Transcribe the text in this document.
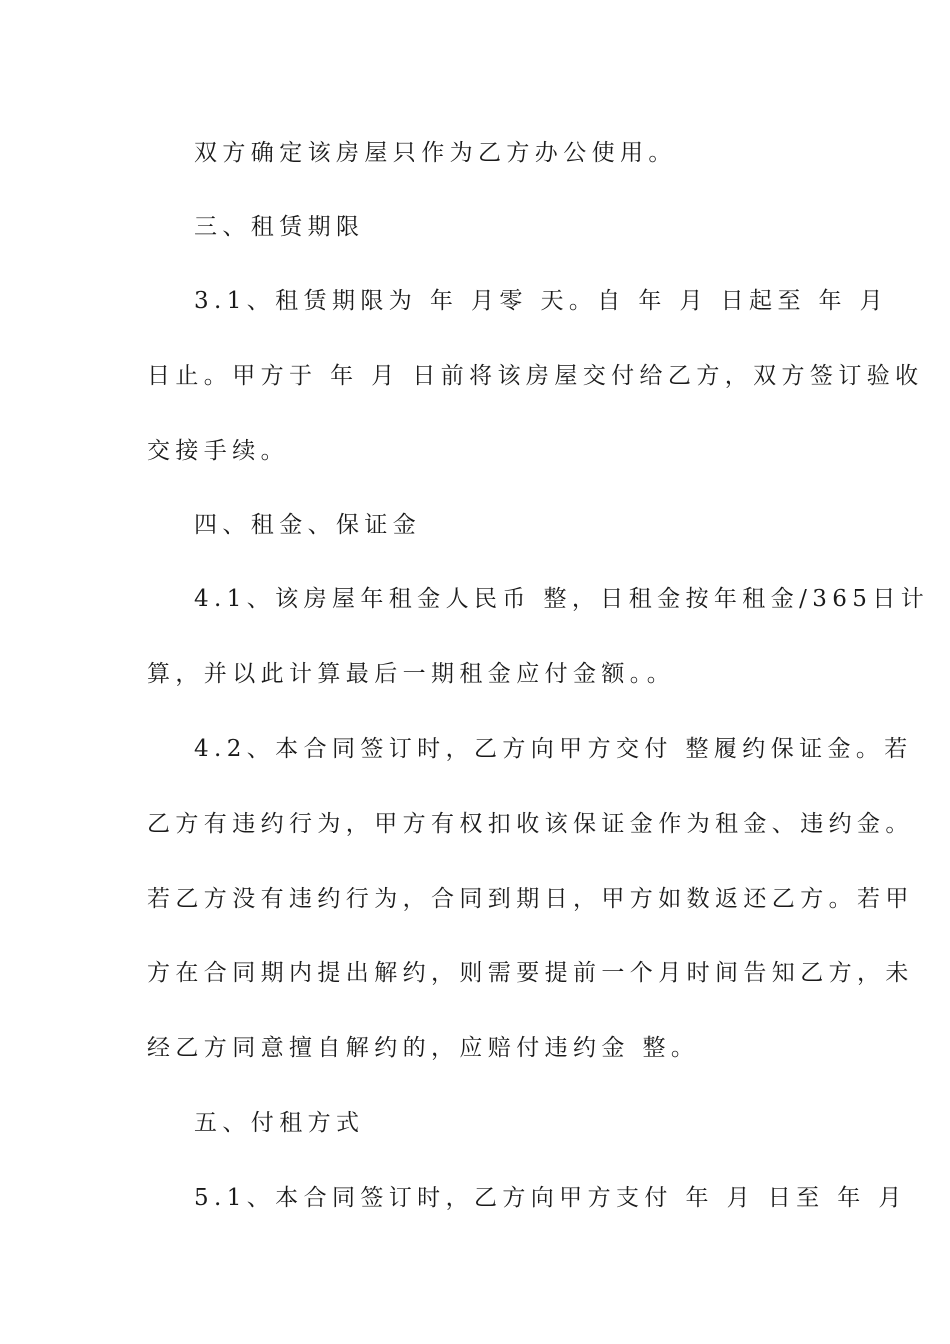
双方确定该房屋只作为乙方办公使用。
三、租赁期限
3.1、租赁期限为 年 月零 天。自 年 月 日起至 年 月
日止。甲方于 年 月 日前将该房屋交付给乙方，双方签订验收
交接手续。
四、租金、保证金
4.1、该房屋年租金人民币 整，日租金按年租金/365日计
算，并以此计算最后一期租金应付金额。。
4.2、本合同签订时，乙方向甲方交付 整履约保证金。若
乙方有违约行为，甲方有权扣收该保证金作为租金、违约金。
若乙方没有违约行为，合同到期日，甲方如数返还乙方。若甲
方在合同期内提出解约，则需要提前一个月时间告知乙方，未
经乙方同意擅自解约的，应赔付违约金 整。
五、付租方式
5.1、本合同签订时，乙方向甲方支付 年 月 日至 年 月
